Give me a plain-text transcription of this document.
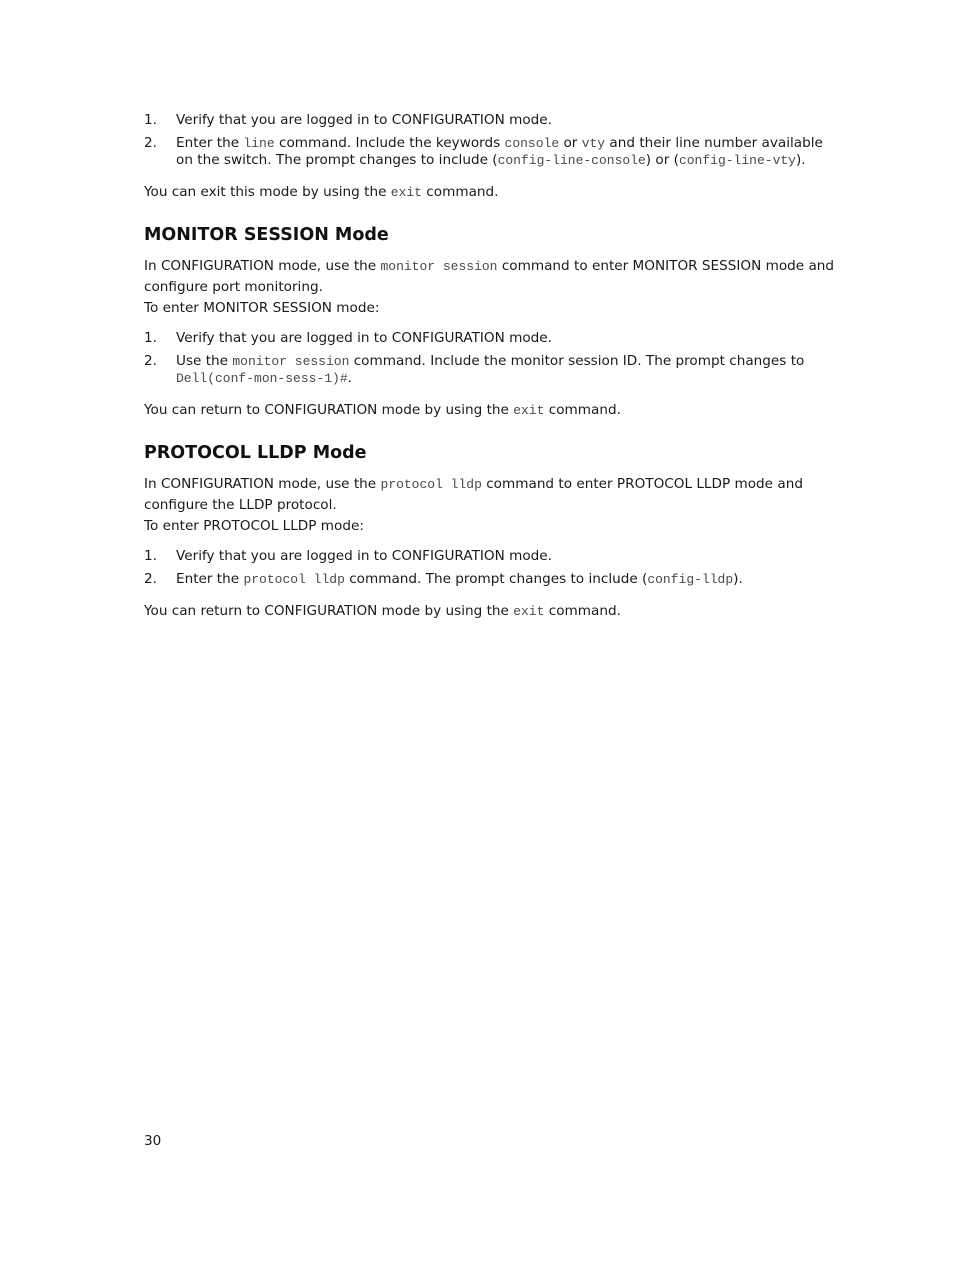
1. Verify that you are logged in to CONFIGURATION mode.
2. Enter the line command. Include the keywords console or vty and their line number available on the switch. The prompt changes to include (config-line-console) or (config-line-vty).

You can exit this mode by using the exit command.

MONITOR SESSION Mode

In CONFIGURATION mode, use the monitor session command to enter MONITOR SESSION mode and configure port monitoring.

To enter MONITOR SESSION mode:

1. Verify that you are logged in to CONFIGURATION mode.
2. Use the monitor session command. Include the monitor session ID. The prompt changes to Dell(conf-mon-sess-1)#.

You can return to CONFIGURATION mode by using the exit command.

PROTOCOL LLDP Mode

In CONFIGURATION mode, use the protocol lldp command to enter PROTOCOL LLDP mode and configure the LLDP protocol.

To enter PROTOCOL LLDP mode:

1. Verify that you are logged in to CONFIGURATION mode.
2. Enter the protocol lldp command. The prompt changes to include (config-lldp).

You can return to CONFIGURATION mode by using the exit command.

30
